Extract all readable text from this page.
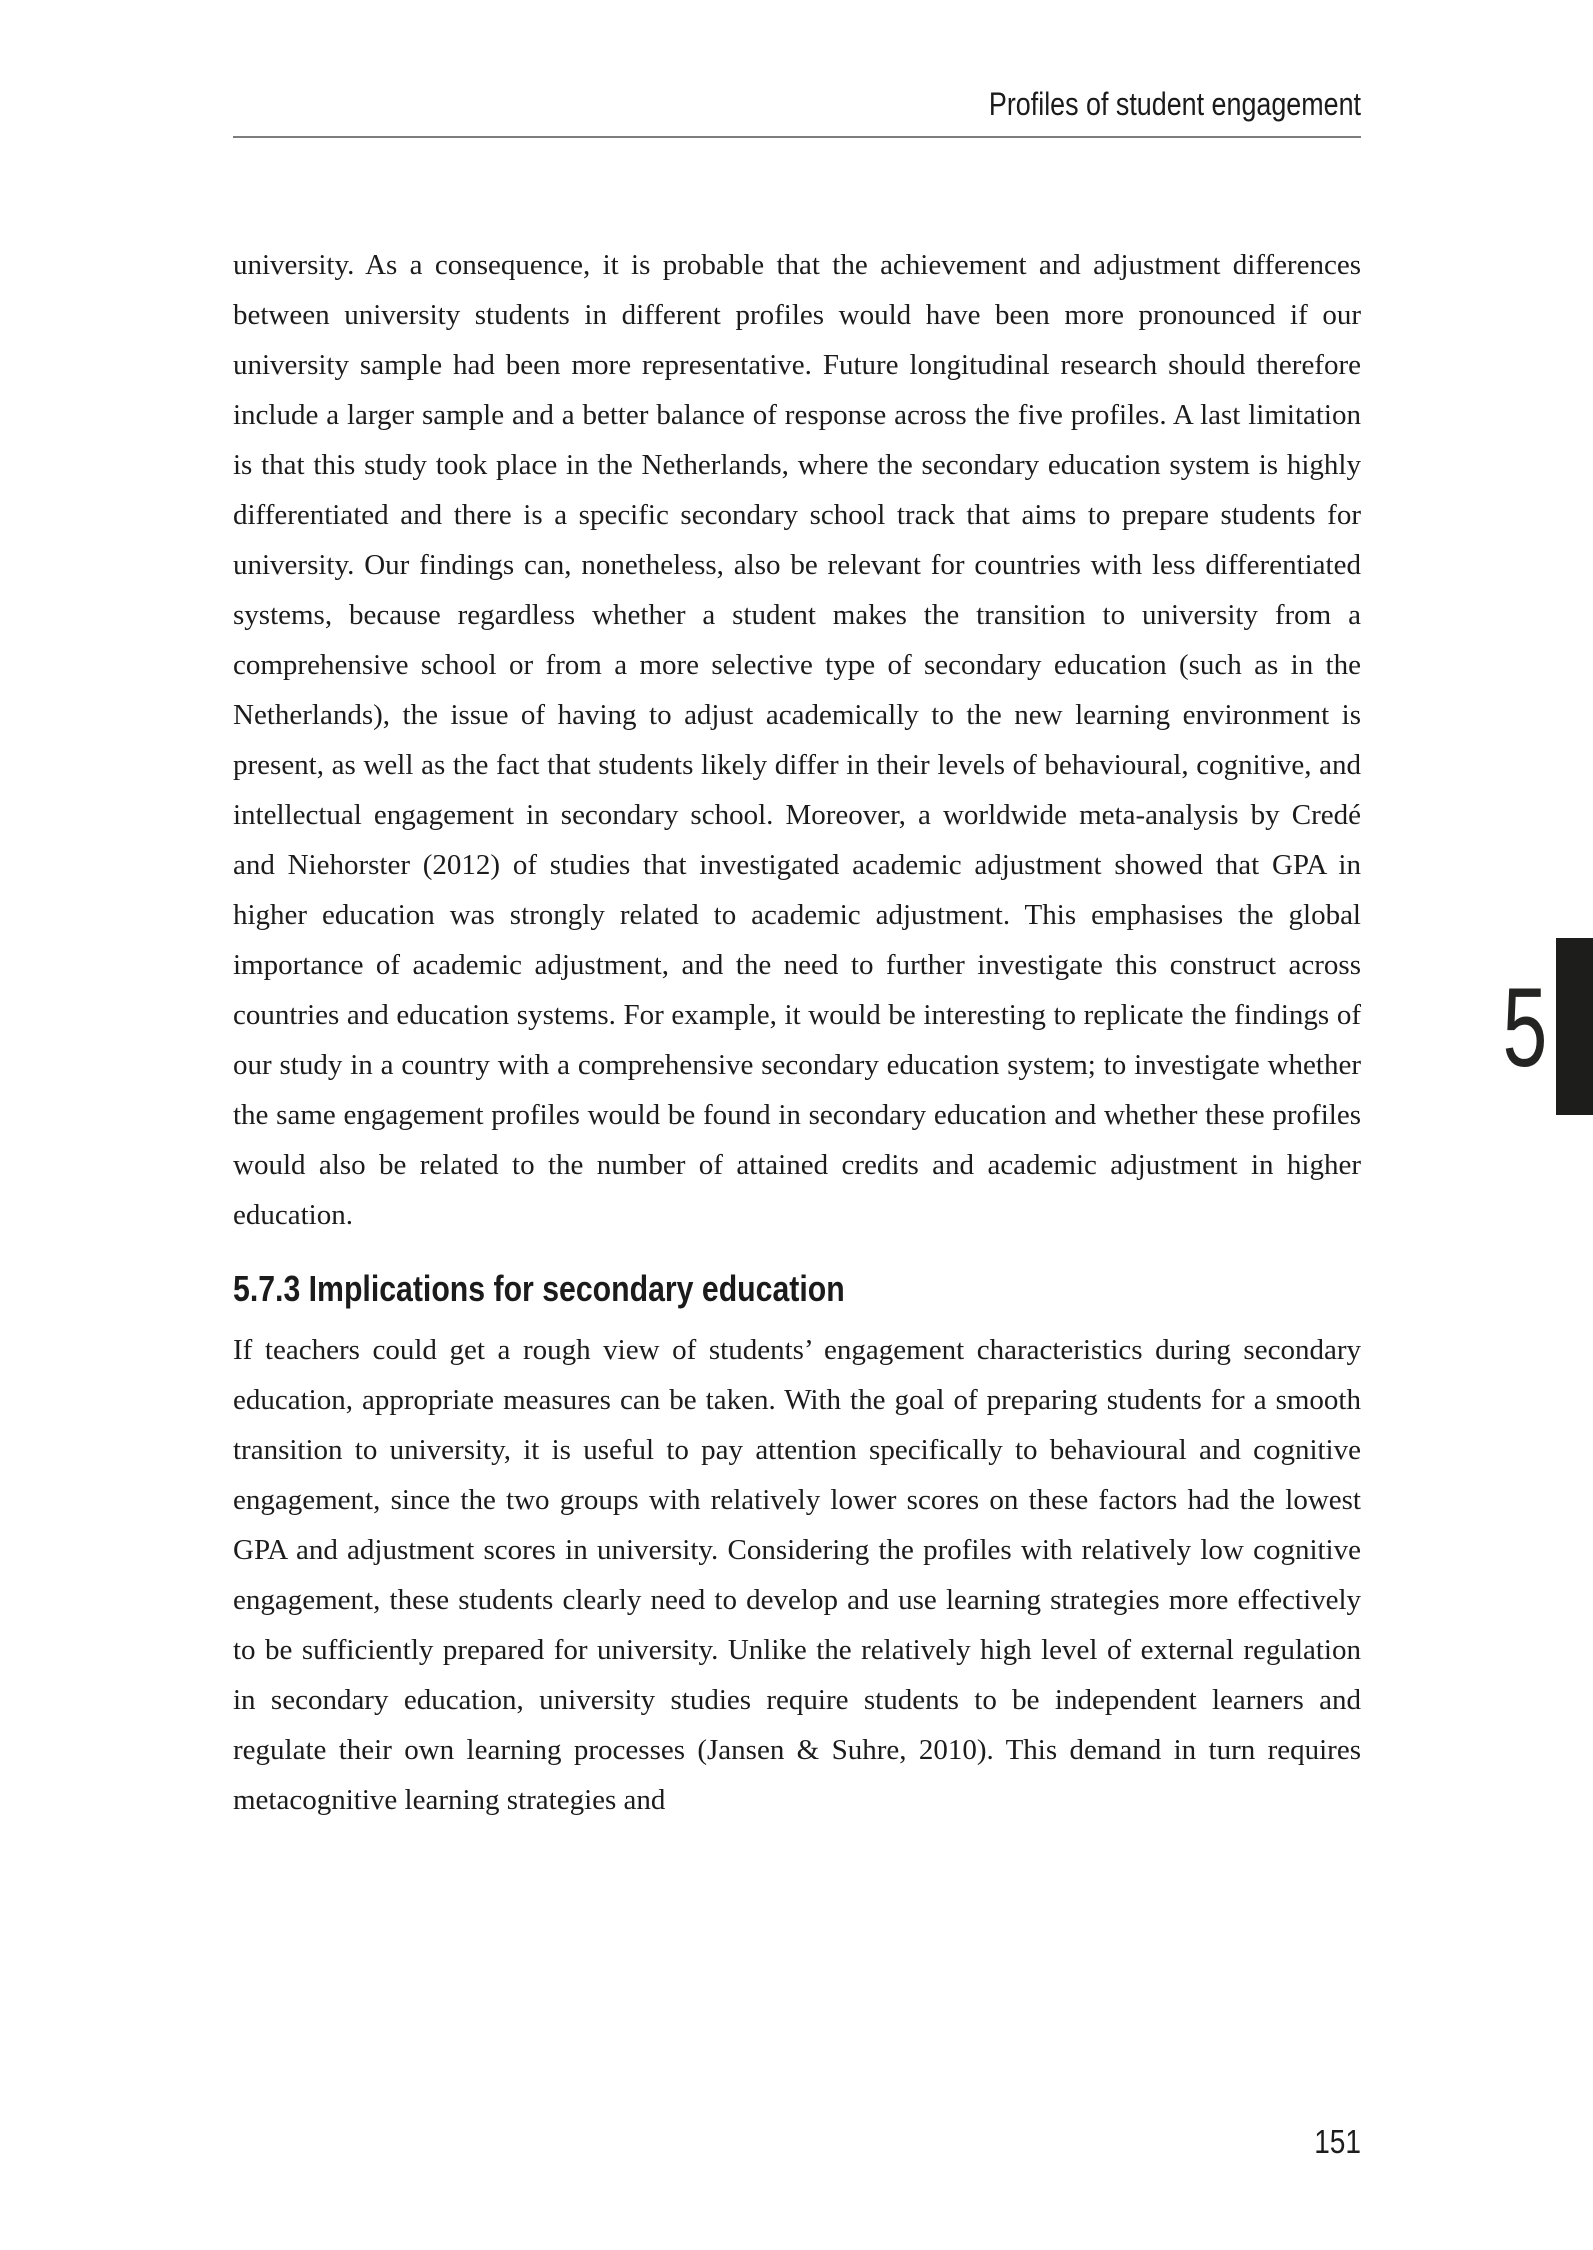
Profiles of student engagement

university. As a consequence, it is probable that the achievement and adjustment differences between university students in different profiles would have been more pronounced if our university sample had been more representative. Future longitudinal research should therefore include a larger sample and a better balance of response across the five profiles. A last limitation is that this study took place in the Netherlands, where the secondary education system is highly differentiated and there is a specific secondary school track that aims to prepare students for university. Our findings can, nonetheless, also be relevant for countries with less differentiated systems, because regardless whether a student makes the transition to university from a comprehensive school or from a more selective type of secondary education (such as in the Netherlands), the issue of having to adjust academically to the new learning environment is present, as well as the fact that students likely differ in their levels of behavioural, cognitive, and intellectual engagement in secondary school. Moreover, a worldwide meta-analysis by Credé and Niehorster (2012) of studies that investigated academic adjustment showed that GPA in higher education was strongly related to academic adjustment. This emphasises the global importance of academic adjustment, and the need to further investigate this construct across countries and education systems. For example, it would be interesting to replicate the findings of our study in a country with a comprehensive secondary education system; to investigate whether the same engagement profiles would be found in secondary education and whether these profiles would also be related to the number of attained credits and academic adjustment in higher education.

5.7.3 Implications for secondary education

If teachers could get a rough view of students’ engagement characteristics during secondary education, appropriate measures can be taken. With the goal of preparing students for a smooth transition to university, it is useful to pay attention specifically to behavioural and cognitive engagement, since the two groups with relatively lower scores on these factors had the lowest GPA and adjustment scores in university. Considering the profiles with relatively low cognitive engagement, these students clearly need to develop and use learning strategies more effectively to be sufficiently prepared for university. Unlike the relatively high level of external regulation in secondary education, university studies require students to be independent learners and regulate their own learning processes (Jansen & Suhre, 2010). This demand in turn requires metacognitive learning strategies and

5
151
